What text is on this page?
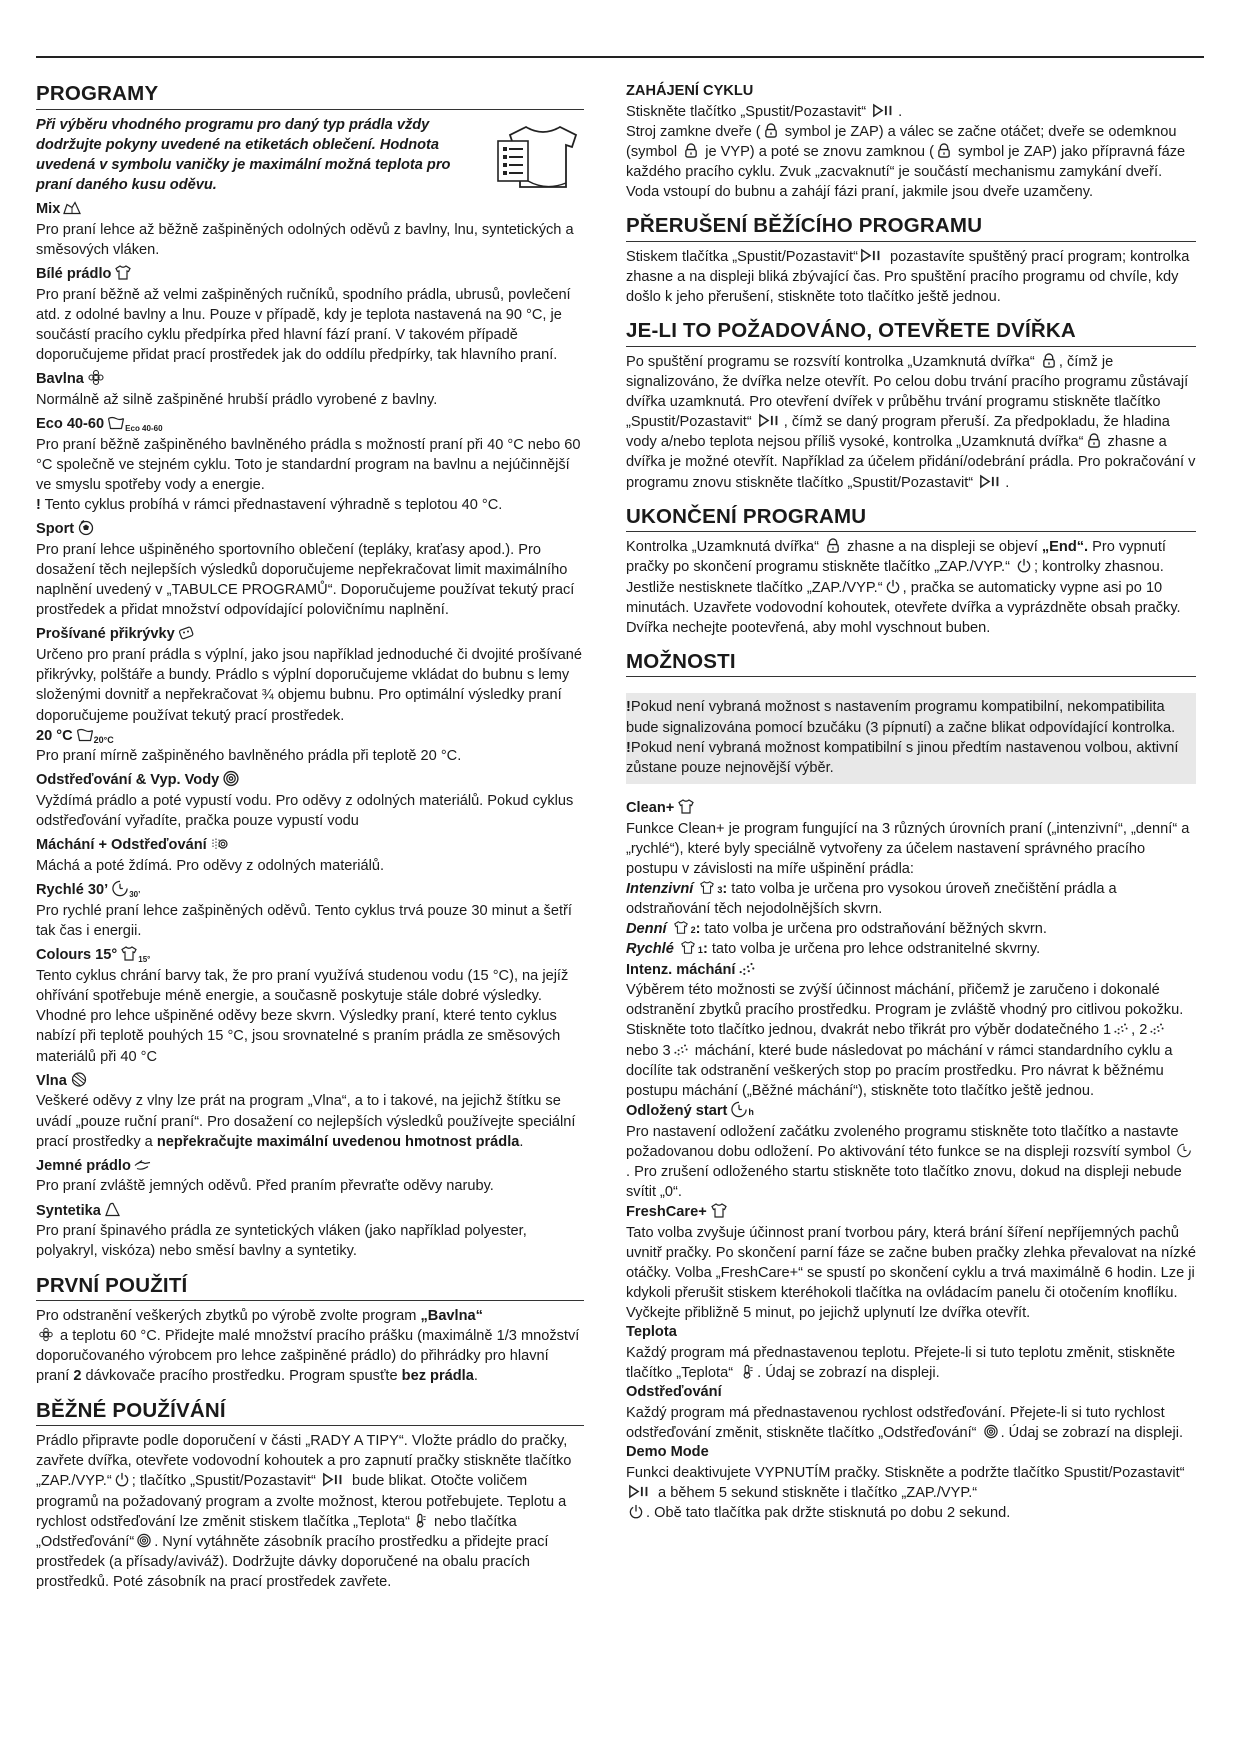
PROGRAMY
Při výběru vhodného programu pro daný typ prádla vždy dodržujte pokyny uvedené na etiketách oblečení. Hodnota uvedená v symbolu vaničky je maximální možná teplota pro praní daného kusu oděvu.
Mix
Pro praní lehce až běžně zašpiněných odolných oděvů z bavlny, lnu, syntetických a směsových vláken.
Bílé prádlo
Pro praní běžně až velmi zašpiněných ručníků, spodního prádla, ubrusů, povlečení atd. z odolné bavlny a lnu. Pouze v případě, kdy je teplota nastavená na 90 °C, je součástí pracího cyklu předpírka před hlavní fází praní. V takovém případě doporučujeme přidat prací prostředek jak do oddílu předpírky, tak hlavního praní.
Bavlna
Normálně až silně zašpiněné hrubší prádlo vyrobené z bavlny.
Eco 40-60	$_{Eco 40-60}$
Pro praní běžně zašpiněného bavlněného prádla s možností praní při 40 °C nebo 60 °C společně ve stejném cyklu. Toto je standardní program na bavlnu a nejúčinnější ve smyslu spotřeby vody a energie.
! Tento cyklus probíhá v rámci přednastavení výhradně s teplotou 40 °C.
Sport
Pro praní lehce ušpiněného sportovního oblečení (tepláky, kraťasy apod.). Pro dosažení těch nejlepších výsledků doporučujeme nepřekračovat limit maximálního naplnění uvedený v „TABULCE PROGRAMŮ“. Doporučujeme používat tekutý prací prostředek a přidat množství odpovídající polovičnímu naplnění.
Prošívané přikrývky
Určeno pro praní prádla s výplní, jako jsou například jednoduché či dvojité prošívané přikrývky, polštáře a bundy. Prádlo s výplní doporučujeme vkládat do bubnu s lemy složenými dovnitř a nepřekračovat ¾ objemu bubnu. Pro optimální výsledky praní doporučujeme používat tekutý prací prostředek.
20 °C $_{20^\circ C}$
Pro praní mírně zašpiněného bavlněného prádla při teplotě 20 °C.
Odstřeďování & Vyp. Vody
Vyždímá prádlo a poté vypustí vodu. Pro oděvy z odolných materiálů. Pokud cyklus odstřeďování vyřadíte, pračka pouze vypustí vodu
Máchání + Odstřeďování
Máchá a poté ždímá. Pro oděvy z odolných materiálů.
Rychlé 30’	$_{30’}$
Pro rychlé praní lehce zašpiněných oděvů. Tento cyklus trvá pouze 30 minut a šetří tak čas i energii.
Colours 15°	$_{15^\circ}$
Tento cyklus chrání barvy tak, že pro praní využívá studenou vodu (15 °C), na jejíž ohřívání spotřebuje méně energie, a současně poskytuje stále dobré výsledky. Vhodné pro lehce ušpiněné oděvy beze skvrn. Výsledky praní, které tento cyklus nabízí při teplotě pouhých 15 °C, jsou srovnatelné s praním prádla ze směsových materiálů při 40 °C
Vlna
Veškeré oděvy z vlny lze prát na program „Vlna“, a to i takové, na jejichž štítku se uvádí „pouze ruční praní“. Pro dosažení co nejlepších výsledků používejte speciální prací prostředky a nepřekračujte maximální uvedenou hmotnost prádla.
Jemné prádlo
Pro praní zvláště jemných oděvů. Před praním převraťte oděvy naruby.
Syntetika
Pro praní špinavého prádla ze syntetických vláken (jako například polyester, polyakryl, viskóza) nebo směsí bavlny a syntetiky.
PRVNÍ POUŽITÍ
Pro odstranění veškerých zbytků po výrobě zvolte program „Bavlna“
a teplotu 60 °C. Přidejte malé množství pracího prášku (maximálně 1/3 množství doporučovaného výrobcem pro lehce zašpiněné prádlo) do přihrádky pro hlavní praní 2 dávkovače pracího prostředku. Program spusťte bez prádla.
BĚŽNÉ POUŽÍVÁNÍ
Prádlo připravte podle doporučení v části „RADY A TIPY“. Vložte prádlo do pračky, zavřete dvířka, otevřete vodovodní kohoutek a pro zapnutí pračky stiskněte tlačítko „ZAP./VYP.“ ; tlačítko „Spustit/Pozastavit“  bude blikat. Otočte voličem programů na požadovaný program a zvolte možnost, kterou potřebujete. Teplotu a rychlost odstřeďování lze změnit stiskem tlačítka „Teplota“ nebo tlačítka „Odstřeďování“ . Nyní vytáhněte zásobník pracího prostředku a přidejte prací prostředek (a přísady/aviváž). Dodržujte dávky doporučené na obalu pracích prostředků. Poté zásobník na prací prostředek zavřete.
ZAHÁJENÍ CYKLU
Stiskněte tlačítko „Spustit/Pozastavit“ .
Stroj zamkne dveře ( symbol je ZAP) a válec se začne otáčet; dveře se odemknou (symbol  je VYP) a poté se znovu zamknou ( symbol je ZAP) jako přípravná fáze každého pracího cyklu. Zvuk „zacvaknutí“ je součástí mechanismu zamykání dveří. Voda vstoupí do bubnu a zahájí fázi praní, jakmile jsou dveře uzamčeny.
PŘERUŠENÍ BĚŽÍCÍHO PROGRAMU
Stiskem tlačítka „Spustit/Pozastavit“ pozastavíte spuštěný prací program; kontrolka zhasne a na displeji bliká zbývající čas. Pro spuštění pracího programu od chvíle, kdy došlo k jeho přerušení, stiskněte toto tlačítko ještě jednou.
JE-LI TO POŽADOVÁNO, OTEVŘETE DVÍŘKA
Po spuštění programu se rozsvítí kontrolka „Uzamknutá dvířka“ , čímž je signalizováno, že dvířka nelze otevřít. Po celou dobu trvání pracího programu zůstávají dvířka uzamknutá. Pro otevření dvířek v průběhu trvání programu stiskněte tlačítko „Spustit/Pozastavit“ , čímž se daný program přeruší. Za předpokladu, že hladina vody a/nebo teplota nejsou příliš vysoké, kontrolka „Uzamknutá dvířka“ zhasne a dvířka je možné otevřít. Například za účelem přidání/odebrání prádla. Pro pokračování v programu znovu stiskněte tlačítko „Spustit/Pozastavit“ .
UKONČENÍ PROGRAMU
Kontrolka „Uzamknutá dvířka“  zhasne a na displeji se objeví „End“. Pro vypnutí pračky po skončení programu stiskněte tlačítko „ZAP./VYP.“ ; kontrolky zhasnou. Jestliže nestisknete tlačítko „ZAP./VYP.“ , pračka se automaticky vypne asi po 10 minutách. Uzavřete vodovodní kohoutek, otevřete dvířka a vyprázdněte obsah pračky. Dvířka nechejte pootevřená, aby mohl vyschnout buben.
MOŽNOSTI
!Pokud není vybraná možnost s nastavením programu kompatibilní, nekompatibilita bude signalizována pomocí bzučáku (3 pípnutí) a začne blikat odpovídající kontrolka.
!Pokud není vybraná možnost kompatibilní s jinou předtím nastavenou volbou, aktivní zůstane pouze nejnovější výběr.
Clean+
Funkce Clean+ je program fungující na 3 různých úrovních praní („intenzivní“, „denní“ a „rychlé“), které byly speciálně vytvořeny za účelem nastavení správného pracího postupu v závislosti na míře ušpinění prádla:
Intenzivní	3: tato volba je určena pro vysokou úroveň znečištění prádla a odstraňování těch nejodolnějších skvrn.
Denní	2: tato volba je určena pro odstraňování běžných skvrn.
Rychlé	1: tato volba je určena pro lehce odstranitelné skvrny.
Intenz. máchání
Výběrem této možnosti se zvýší účinnost máchání, přičemž je zaručeno i dokonalé odstranění zbytků pracího prostředku. Program je zvláště vhodný pro citlivou pokožku. Stiskněte toto tlačítko jednou, dvakrát nebo třikrát pro výběr dodatečného 1 , 2 nebo 3 máchání, které bude následovat po máchání v rámci standardního cyklu a docílíte tak odstranění veškerých stop po pracím prostředku. Pro návrat k běžnému postupu máchání („Běžné máchání“), stiskněte toto tlačítko ještě jednou.
Odložený start h
Pro nastavení odložení začátku zvoleného programu stiskněte toto tlačítko a nastavte požadovanou dobu odložení. Po aktivování této funkce se na displeji rozsvítí symbol . Pro zrušení odloženého startu stiskněte toto tlačítko znovu, dokud na displeji nebude svítit „0“.
FreshCare+
Tato volba zvyšuje účinnost praní tvorbou páry, která brání šíření nepříjemných pachů uvnitř pračky. Po skončení parní fáze se začne buben pračky zlehka převalovat na nízké otáčky. Volba „FreshCare+“ se spustí po skončení cyklu a trvá maximálně 6 hodin. Lze ji kdykoli přerušit stiskem kteréhokoli tlačítka na ovládacím panelu či otočením knoflíku. Vyčkejte přibližně 5 minut, po jejichž uplynutí lze dvířka otevřít.
Teplota
Každý program má přednastavenou teplotu. Přejete-li si tuto teplotu změnit, stiskněte tlačítko „Teplota“ . Údaj se zobrazí na displeji.
Odstřeďování
Každý program má přednastavenou rychlost odstřeďování. Přejete-li si tuto rychlost odstřeďování změnit, stiskněte tlačítko „Odstřeďování“ . Údaj se zobrazí na displeji.
Demo Mode
Funkci deaktivujete VYPNUTÍM pračky. Stiskněte a podržte tlačítko Spustit/Pozastavit“ a během 5 sekund stiskněte i tlačítko „ZAP./VYP.“
. Obě tato tlačítka pak držte stisknutá po dobu 2 sekund.
